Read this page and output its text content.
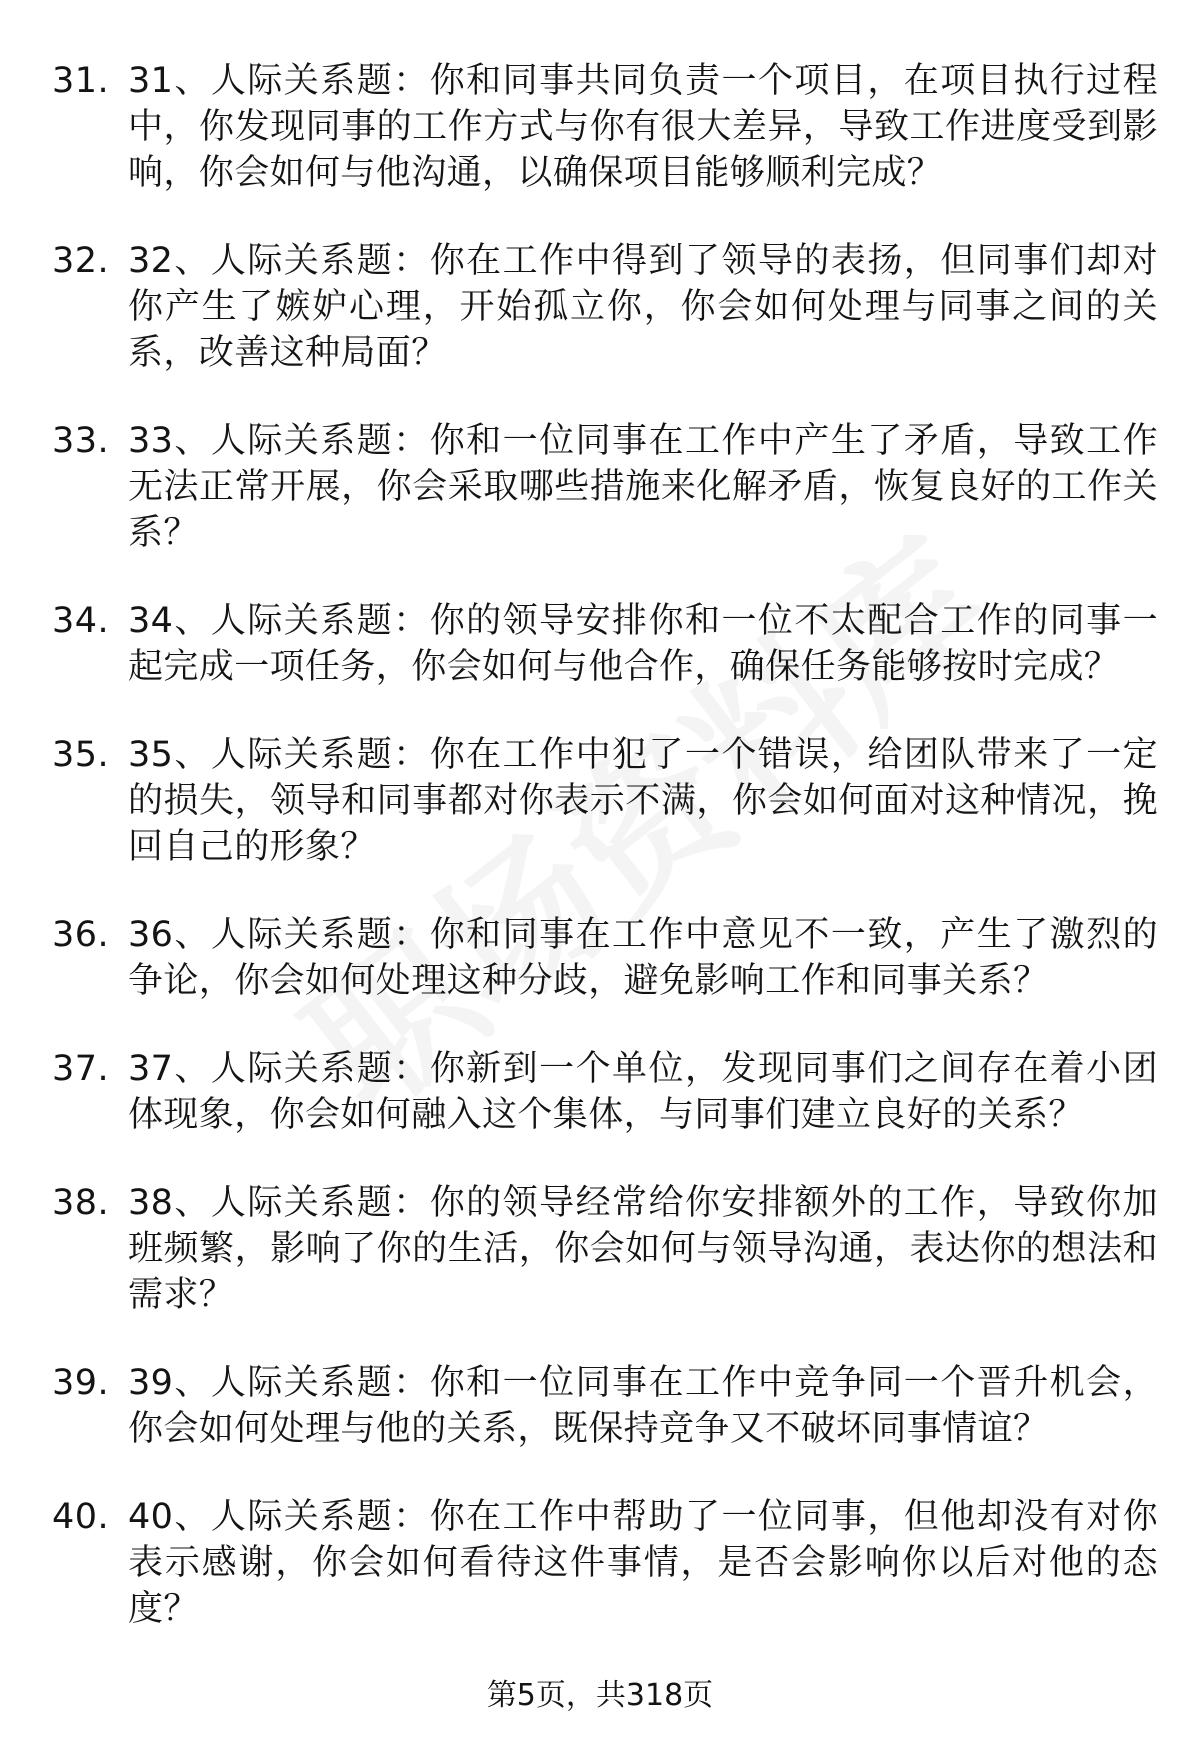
31. 31、人际关系题：你和同事共同负责一个项目，在项目执行过程中，你发现同事的工作方式与你有很大差异，导致工作进度受到影响，你会如何与他沟通，以确保项目能够顺利完成？
32. 32、人际关系题：你在工作中得到了领导的表扬，但同事们却对你产生了嫉妒心理，开始孤立你，你会如何处理与同事之间的关系，改善这种局面？
33. 33、人际关系题：你和一位同事在工作中产生了矛盾，导致工作无法正常开展，你会采取哪些措施来化解矛盾，恢复良好的工作关系？
34. 34、人际关系题：你的领导安排你和一位不太配合工作的同事一起完成一项任务，你会如何与他合作，确保任务能够按时完成？
35. 35、人际关系题：你在工作中犯了一个错误，给团队带来了一定的损失，领导和同事都对你表示不满，你会如何面对这种情况，挽回自己的形象？
36. 36、人际关系题：你和同事在工作中意见不一致，产生了激烈的争论，你会如何处理这种分歧，避免影响工作和同事关系？
37. 37、人际关系题：你新到一个单位，发现同事们之间存在着小团体现象，你会如何融入这个集体，与同事们建立良好的关系？
38. 38、人际关系题：你的领导经常给你安排额外的工作，导致你加班频繁，影响了你的生活，你会如何与领导沟通，表达你的想法和需求？
39. 39、人际关系题：你和一位同事在工作中竞争同一个晋升机会，你会如何处理与他的关系，既保持竞争又不破坏同事情谊？
40. 40、人际关系题：你在工作中帮助了一位同事，但他却没有对你表示感谢，你会如何看待这件事情，是否会影响你以后对他的态度？
第5页，共318页
